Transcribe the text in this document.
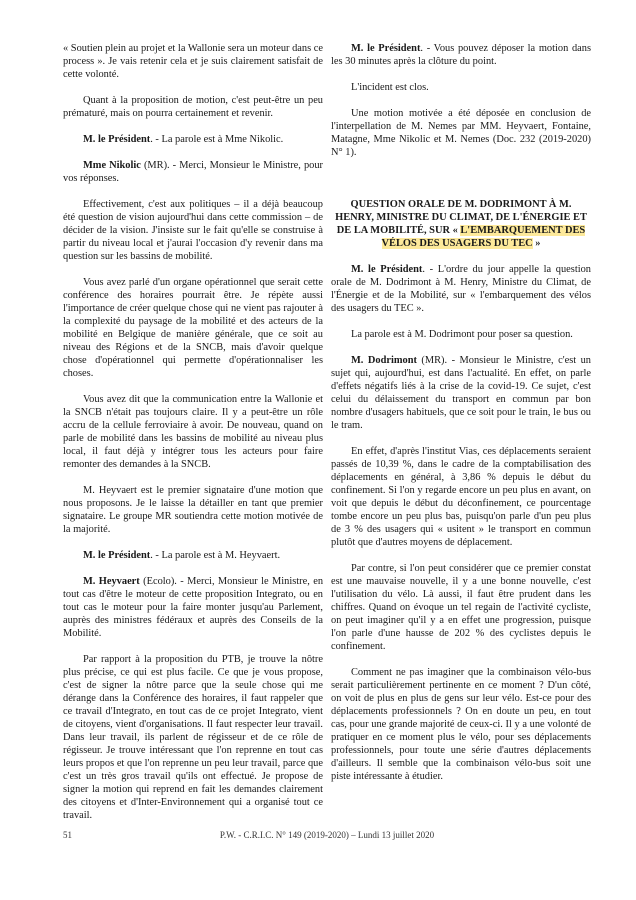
« Soutien plein au projet et la Wallonie sera un moteur dans ce process ». Je vais retenir cela et je suis clairement satisfait de cette volonté.

Quant à la proposition de motion, c'est peut-être un peu prématuré, mais on pourra certainement et revenir.

M. le Président. - La parole est à Mme Nikolic.

Mme Nikolic (MR). - Merci, Monsieur le Ministre, pour vos réponses.

Effectivement, c'est aux politiques – il a déjà beaucoup été question de vision aujourd'hui dans cette commission – de décider de la vision. J'insiste sur le fait qu'elle se construise à partir du niveau local et j'aurai l'occasion d'y revenir dans ma question sur les bassins de mobilité.

Vous avez parlé d'un organe opérationnel que serait cette conférence des horaires pourrait être. Je répète aussi l'importance de créer quelque chose qui ne vient pas rajouter à la complexité du paysage de la mobilité et des acteurs de la mobilité en Belgique de manière générale, que ce soit au niveau des Régions et de la SNCB, mais d'avoir quelque chose d'opérationnel qui permette d'opérationnaliser les choses.

Vous avez dit que la communication entre la Wallonie et la SNCB n'était pas toujours claire. Il y a peut-être un rôle accru de la cellule ferroviaire à avoir. De nouveau, quand on parle de mobilité dans les bassins de mobilité au niveau plus local, il faut déjà y intégrer tous les acteurs pour faire remonter des demandes à la SNCB.

M. Heyvaert est le premier signataire d'une motion que nous proposons. Je le laisse la détailler en tant que premier signataire. Le groupe MR soutiendra cette motion motivée de la majorité.

M. le Président. - La parole est à M. Heyvaert.

M. Heyvaert (Ecolo). - Merci, Monsieur le Ministre, en tout cas d'être le moteur de cette proposition Integrato, ou en tout cas le moteur pour la faire monter jusqu'au Parlement, auprès des ministres fédéraux et auprès des Conseils de la Mobilité.

Par rapport à la proposition du PTB, je trouve la nôtre plus précise, ce qui est plus facile. Ce que je vous propose, c'est de signer la nôtre parce que la seule chose qui me dérange dans la Conférence des horaires, il faut rappeler que ce travail d'Integrato, en tout cas de ce projet Integrato, vient de citoyens, vient d'organisations. Il faut respecter leur travail. Dans leur travail, ils parlent de régisseur et de ce rôle de régisseur. Je trouve intéressant que l'on reprenne en tout cas leurs propos et que l'on reprenne un peu leur travail, parce que c'est un très gros travail qu'ils ont effectué. Je propose de signer la motion qui reprend en fait les demandes clairement des citoyens et d'Inter-Environnement qui a organisé tout ce travail.

M. le Président. - Vous pouvez déposer la motion dans les 30 minutes après la clôture du point.

L'incident est clos.

Une motion motivée a été déposée en conclusion de l'interpellation de M. Nemes par MM. Heyvaert, Fontaine, Matagne, Mme Nikolic et M. Nemes (Doc. 232 (2019-2020) N° 1).

QUESTION ORALE DE M. DODRIMONT À M. HENRY, MINISTRE DU CLIMAT, DE L'ÉNERGIE ET DE LA MOBILITÉ, SUR « L'EMBARQUEMENT DES VÉLOS DES USAGERS DU TEC »

M. le Président. - L'ordre du jour appelle la question orale de M. Dodrimont à M. Henry, Ministre du Climat, de l'Énergie et de la Mobilité, sur « l'embarquement des vélos des usagers du TEC ».

La parole est à M. Dodrimont pour poser sa question.

M. Dodrimont (MR). - Monsieur le Ministre, c'est un sujet qui, aujourd'hui, est dans l'actualité. En effet, on parle d'effets négatifs liés à la crise de la covid-19. Ce sujet, c'est celui du délaissement du transport en commun par bon nombre d'usagers habituels, que ce soit pour le train, le bus ou le tram.

En effet, d'après l'institut Vias, ces déplacements seraient passés de 10,39 %, dans le cadre de la comptabilisation des déplacements en général, à 3,86 % depuis le début du confinement. Si l'on y regarde encore un peu plus en avant, on voit que depuis le début du déconfinement, ce pourcentage tombe encore un peu plus bas, puisqu'on parle d'un peu plus de 3 % des usagers qui « usitent » le transport en commun plutôt que d'autres moyens de déplacement.

Par contre, si l'on peut considérer que ce premier constat est une mauvaise nouvelle, il y a une bonne nouvelle, c'est l'utilisation du vélo. Là aussi, il faut être prudent dans les chiffres. Quand on évoque un tel regain de l'activité cycliste, on peut imaginer qu'il y a en effet une progression, puisque l'on parle d'une hausse de 202 % des cyclistes depuis le confinement.

Comment ne pas imaginer que la combinaison vélo-bus serait particulièrement pertinente en ce moment ? D'un côté, on voit de plus en plus de gens sur leur vélo. Est-ce pour des déplacements professionnels ? On en doute un peu, en tout cas, pour une grande majorité de ceux-ci. Il y a une volonté de pratiquer en ce moment plus le vélo, pour ses déplacements professionnels, pour toute une série d'autres déplacements d'ailleurs. Il semble que la combinaison vélo-bus soit une piste intéressante à étudier.

51	P.W. - C.R.I.C. N° 149 (2019-2020) – Lundi 13 juillet 2020
